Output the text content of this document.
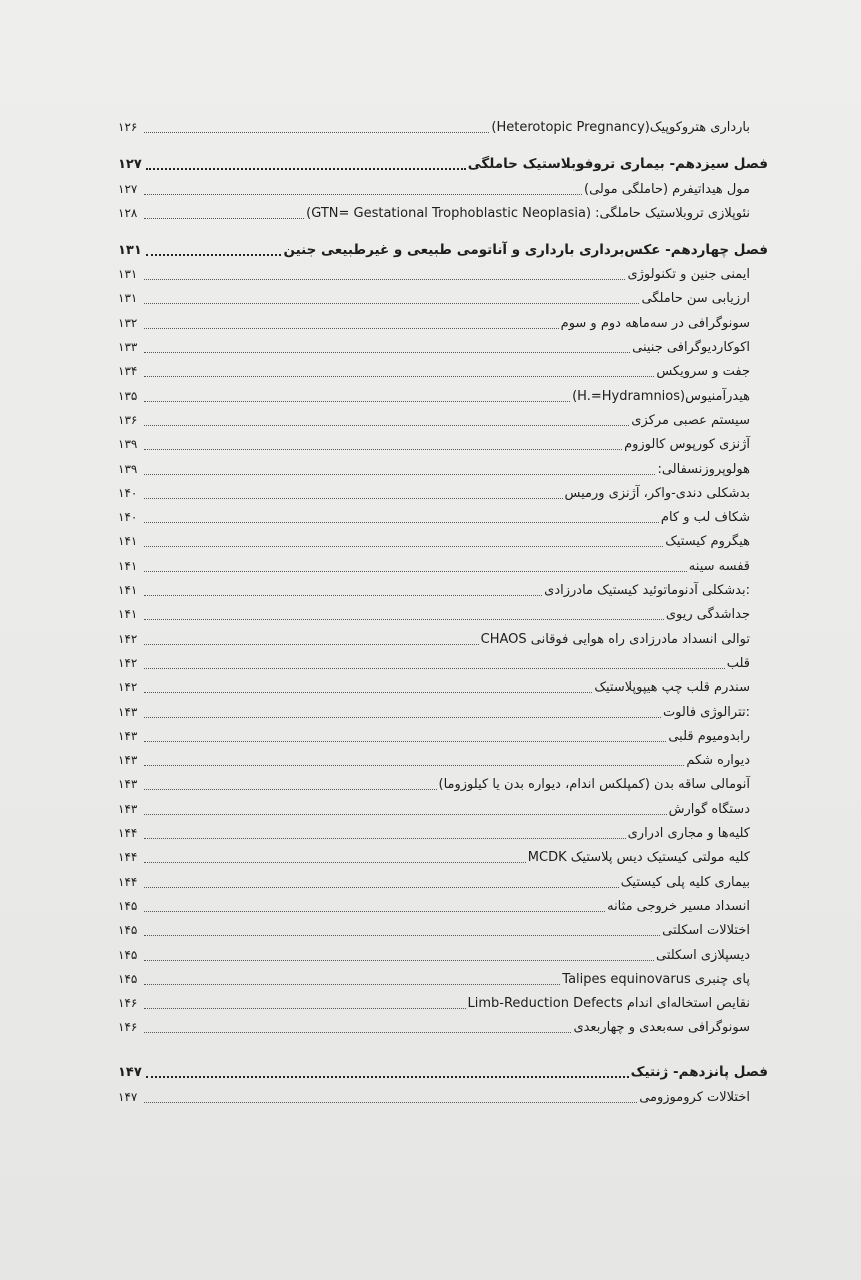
بارداری هتروکوپیک(Heterotopic Pregnancy)
۱۲۶
فصل سیزدهم- بیماری تروفوبلاستیک حاملگی
۱۲۷
مول هیداتیفرم (حاملگی مولی)
۱۲۷
نئوپلازی تروبلاستیک حاملگی: (GTN= Gestational Trophoblastic Neoplasia)
۱۲۸
فصل چهاردهم- عکس‌برداری بارداری و آناتومی طبیعی و غیرطبیعی جنین
۱۳۱
ایمنی جنین و تکنولوژی
۱۳۱
ارزیابی سن حاملگی
۱۳۱
سونوگرافی در سه‌ماهه دوم و سوم
۱۳۲
اکوکاردیوگرافی جنینی
۱۳۳
جفت و سرویکس
۱۳۴
هیدرآمنیوس(H.=Hydramnios)
۱۳۵
سیستم عصبی مرکزی
۱۳۶
آژنزی کورپوس کالوزوم
۱۳۹
هولوپروزنسفالی:
۱۳۹
بدشکلی دندی-واکر، آژنزی ورمیس
۱۴۰
شکاف لب و کام
۱۴۰
هیگروم کیستیک
۱۴۱
قفسه سینه
۱۴۱
:بدشکلی آدنوماتوئید کیستیک مادرزادی
۱۴۱
جداشدگی ریوی
۱۴۱
توالی انسداد مادرزادی راه هوایی فوقانی CHAOS
۱۴۲
قلب
۱۴۲
سندرم قلب چپ هیپوپلاستیک
۱۴۲
:تترالوژی فالوت
۱۴۳
رابدومیوم قلبی
۱۴۳
دیواره شکم
۱۴۳
آنومالی ساقه بدن (کمپلکس اندام، دیواره بدن یا کیلوزوما)
۱۴۳
دستگاه گوارش
۱۴۳
کلیه‌ها و مجاری ادراری
۱۴۴
کلیه مولتی کیستیک دیس پلاستیک MCDK
۱۴۴
بیماری کلیه پلی کیستیک
۱۴۴
انسداد مسیر خروجی مثانه
۱۴۵
اختلالات اسکلتی
۱۴۵
دیسپلازی اسکلتی
۱۴۵
پای چنبری Talipes equinovarus
۱۴۵
نقایص استخاله‌ای اندام Limb-Reduction Defects
۱۴۶
سونوگرافی سه‌بعدی و چهاربعدی
۱۴۶
فصل پانزدهم- ژنتیک
۱۴۷
اختلالات کروموزومی
۱۴۷
